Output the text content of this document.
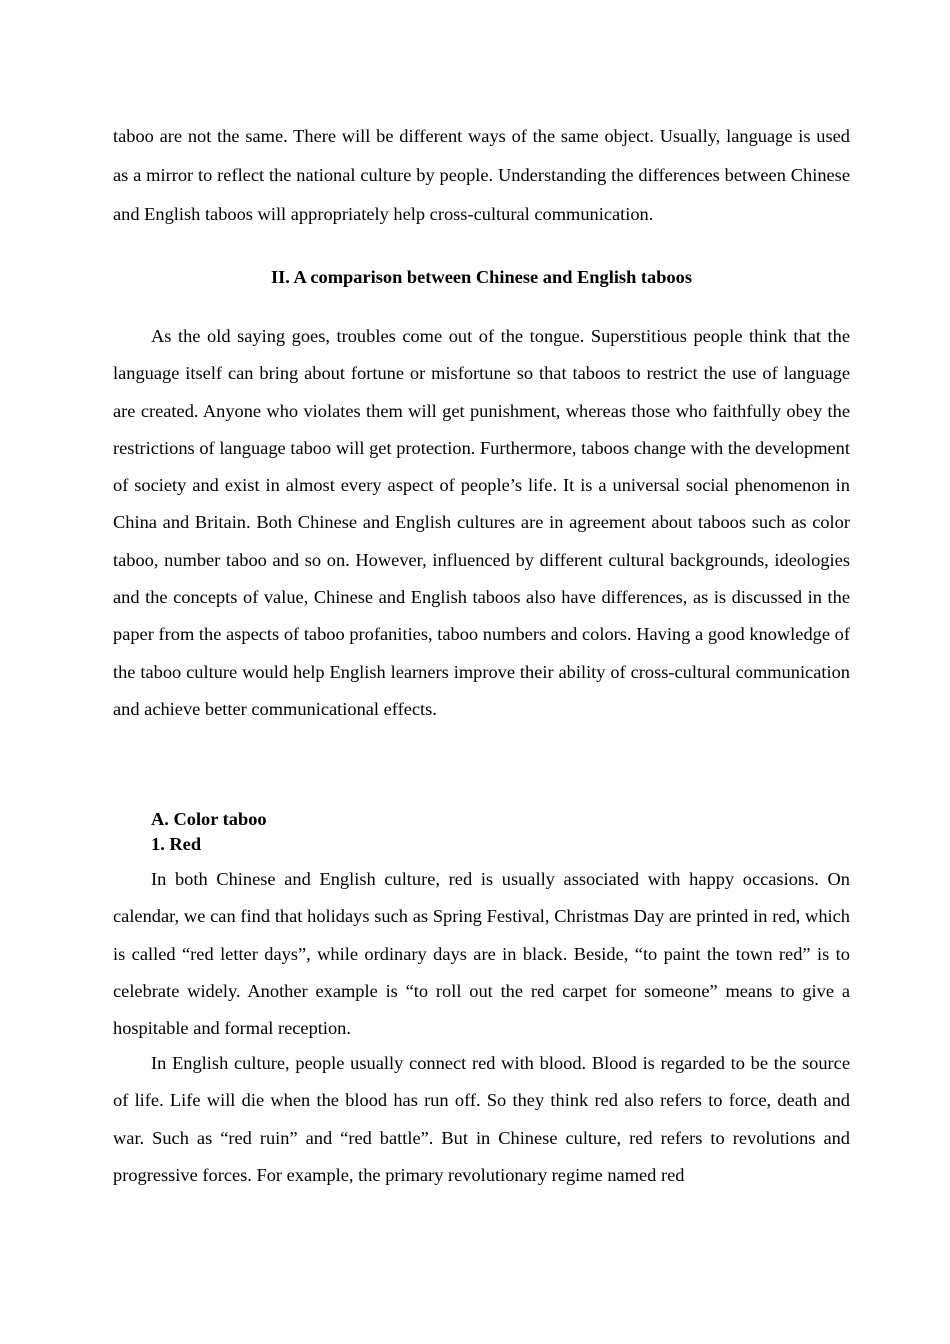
taboo are not the same. There will be different ways of the same object. Usually, language is used as a mirror to reflect the national culture by people. Understanding the differences between Chinese and English taboos will appropriately help cross-cultural communication.

II. A comparison between Chinese and English taboos

As the old saying goes, troubles come out of the tongue. Superstitious people think that the language itself can bring about fortune or misfortune so that taboos to restrict the use of language are created. Anyone who violates them will get punishment, whereas those who faithfully obey the restrictions of language taboo will get protection. Furthermore, taboos change with the development of society and exist in almost every aspect of people’s life. It is a universal social phenomenon in China and Britain. Both Chinese and English cultures are in agreement about taboos such as color taboo, number taboo and so on. However, influenced by different cultural backgrounds, ideologies and the concepts of value, Chinese and English taboos also have differences, as is discussed in the paper from the aspects of taboo profanities, taboo numbers and colors. Having a good knowledge of the taboo culture would help English learners improve their ability of cross-cultural communication and achieve better communicational effects.

A. Color taboo
1. Red

In both Chinese and English culture, red is usually associated with happy occasions. On calendar, we can find that holidays such as Spring Festival, Christmas Day are printed in red, which is called “red letter days”, while ordinary days are in black. Beside, “to paint the town red” is to celebrate widely. Another example is “to roll out the red carpet for someone” means to give a hospitable and formal reception.

In English culture, people usually connect red with blood. Blood is regarded to be the source of life. Life will die when the blood has run off. So they think red also refers to force, death and war. Such as “red ruin” and “red battle”. But in Chinese culture, red refers to revolutions and progressive forces. For example, the primary revolutionary regime named red
